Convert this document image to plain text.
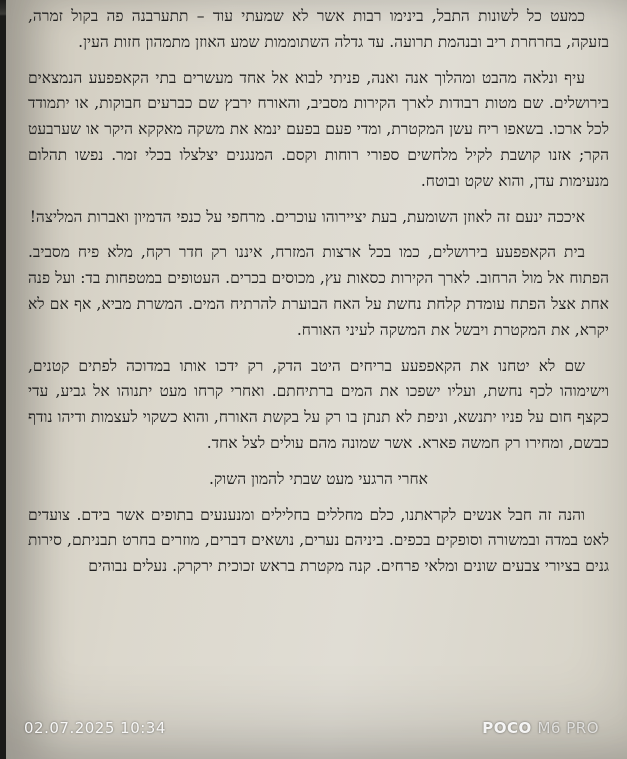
כמעט כל לשונות התבל, בינימו רבות אשר לא שמעתי עוד – תתערבנה פה בקול זמרה, בזעקה, בחרחרת ריב ובנהמת תרועה. עד גדלה השתוממות שמע האוזן מתמהון חזות העין.

עיף ונלאה מהבט ומהלוך אנה ואנה, פניתי לבוא אל אחד מעשרים בתי הקאפפעע הנמצאים בירושלים. שם מטות רבודות לארך הקירות מסביב, והאורח ירבץ שם כברעים חבוקות, או יתמודד לכל ארכו. בשאפו ריח עשן המקטרת, ומדי פעם בפעם ינמא את משקה מאקקא היקר או שערבעט הקר; אזנו קושבת לקיל מלחשים ספורי רוחות וקסם. המנגנים יצלצלו בכלי זמר. נפשו תהלום מנעימות עדן, והוא שקט ובוטח.

איככה ינעם זה לאוזן השומעת, בעת יציירוהו עוכרים. מרחפי על כנפי הדמיון ואברות המליצה!

בית הקאפפעע בירושלים, כמו בכל ארצות המזרח, איננו רק חדר רקח, מלא פיח מסביב. הפתוח אל מול הרחוב. לארך הקירות כסאות עץ, מכוסים בכרים. העטופים במטפחות בד: ועל פנה אחת אצל הפתח עומדת קלחת נחשת על האח הבוערת להרתיח המים. המשרת מביא, אף אם לא יקרא, את המקטרת ויבשל את המשקה לעיני האורח.

שם לא יטחנו את הקאפפעע בריחים היטב הדק, רק ידכו אותו במדוכה לפתים קטנים, וישימוהו לכף נחשת, ועליו ישפכו את המים ברתיחתם. ואחרי קרחו מעט יתנוהו אל גביע, עדי כקצף חום על פניו יתנשא, וניפת לא תנתן בו רק על בקשת האורח, והוא כשקוי לעצמות ודיהו נודף כבשם, ומחירו רק חמשה פארא. אשר שמונה מהם עולים לצל אחד.

אחרי הרגעי מעט שבתי להמון השוק.

והנה זה חבל אנשים לקראתנו, כלם מחללים בחלילים ומנענעים בתופים אשר בידם. צועדים לאט במדה ובמשורה וסופקים בכפים. ביניהם נערים, נושאים דברים, מוזרים בחרט תבניתם, סירות גנים בציורי צבעים שונים ומלאי פרחים. קנה מקטרת בראש זכוכית ירקרק. נעלים נבוהים

02.07.2025 10:34	POCO M6 PRO
